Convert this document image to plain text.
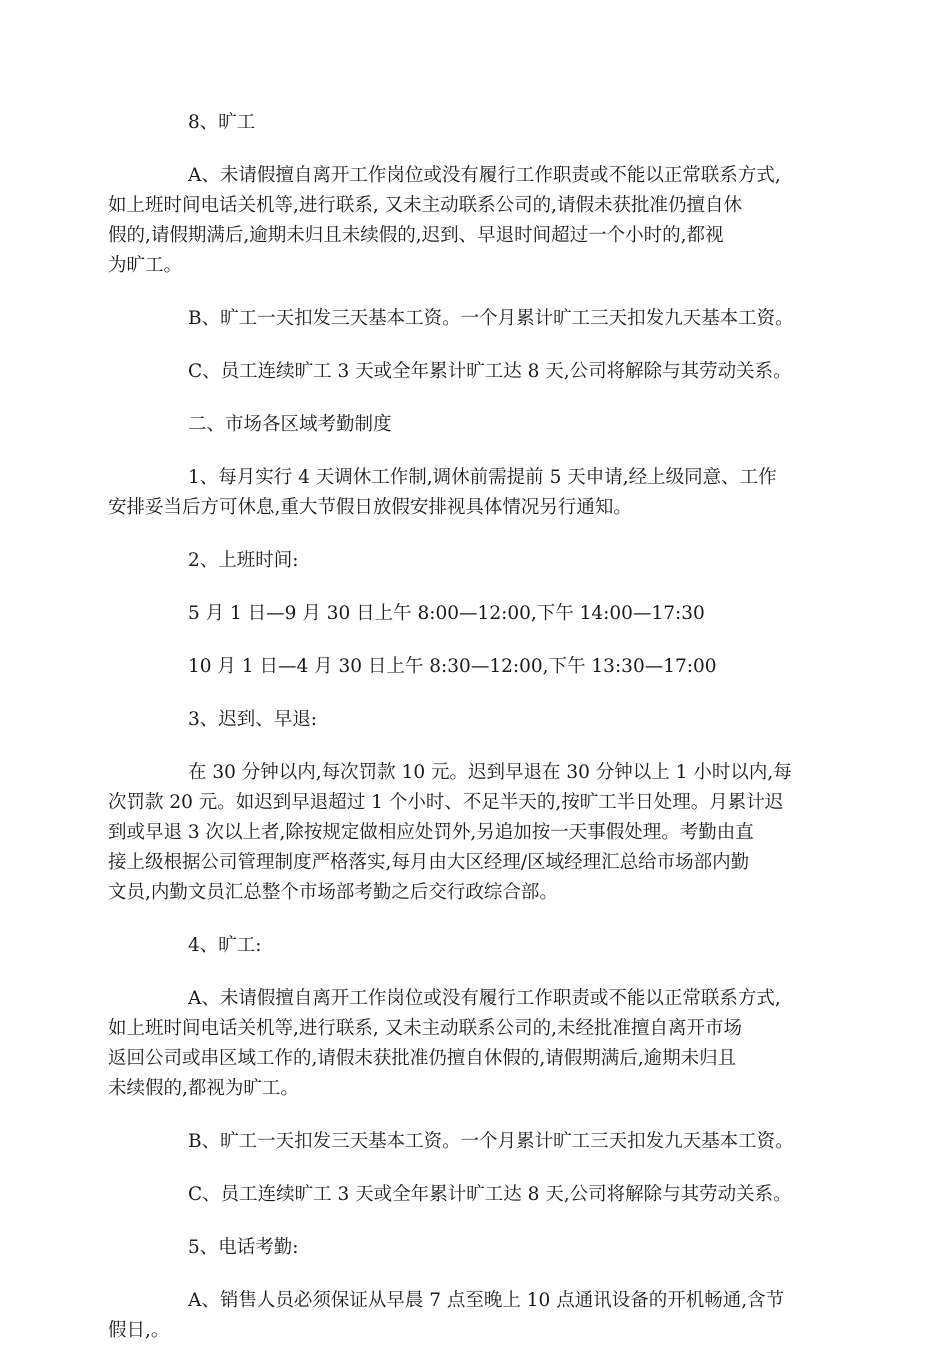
8、旷工
A、未请假擅自离开工作岗位或没有履行工作职责或不能以正常联系方式,
如上班时间电话关机等,进行联系, 又未主动联系公司的,请假未获批准仍擅自休
假的,请假期满后,逾期未归且未续假的,迟到、早退时间超过一个小时的,都视
为旷工。
B、旷工一天扣发三天基本工资。一个月累计旷工三天扣发九天基本工资。
C、员工连续旷工 3 天或全年累计旷工达 8 天,公司将解除与其劳动关系。
二、市场各区域考勤制度
1、每月实行 4 天调休工作制,调休前需提前 5 天申请,经上级同意、工作
安排妥当后方可休息,重大节假日放假安排视具体情况另行通知。
2、上班时间:
5 月 1 日—9 月 30 日上午 8:00—12:00,下午 14:00—17:30
10 月 1 日—4 月 30 日上午 8:30—12:00,下午 13:30—17:00
3、迟到、早退:
在 30 分钟以内,每次罚款 10 元。迟到早退在 30 分钟以上 1 小时以内,每
次罚款 20 元。如迟到早退超过 1 个小时、不足半天的,按旷工半日处理。月累计迟
到或早退 3 次以上者,除按规定做相应处罚外,另追加按一天事假处理。考勤由直
接上级根据公司管理制度严格落实,每月由大区经理/区域经理汇总给市场部内勤
文员,内勤文员汇总整个市场部考勤之后交行政综合部。
4、旷工:
A、未请假擅自离开工作岗位或没有履行工作职责或不能以正常联系方式,
如上班时间电话关机等,进行联系, 又未主动联系公司的,未经批准擅自离开市场
返回公司或串区域工作的,请假未获批准仍擅自休假的,请假期满后,逾期未归且
未续假的,都视为旷工。
B、旷工一天扣发三天基本工资。一个月累计旷工三天扣发九天基本工资。
C、员工连续旷工 3 天或全年累计旷工达 8 天,公司将解除与其劳动关系。
5、电话考勤:
A、销售人员必须保证从早晨 7 点至晚上 10 点通讯设备的开机畅通,含节
假日,。
